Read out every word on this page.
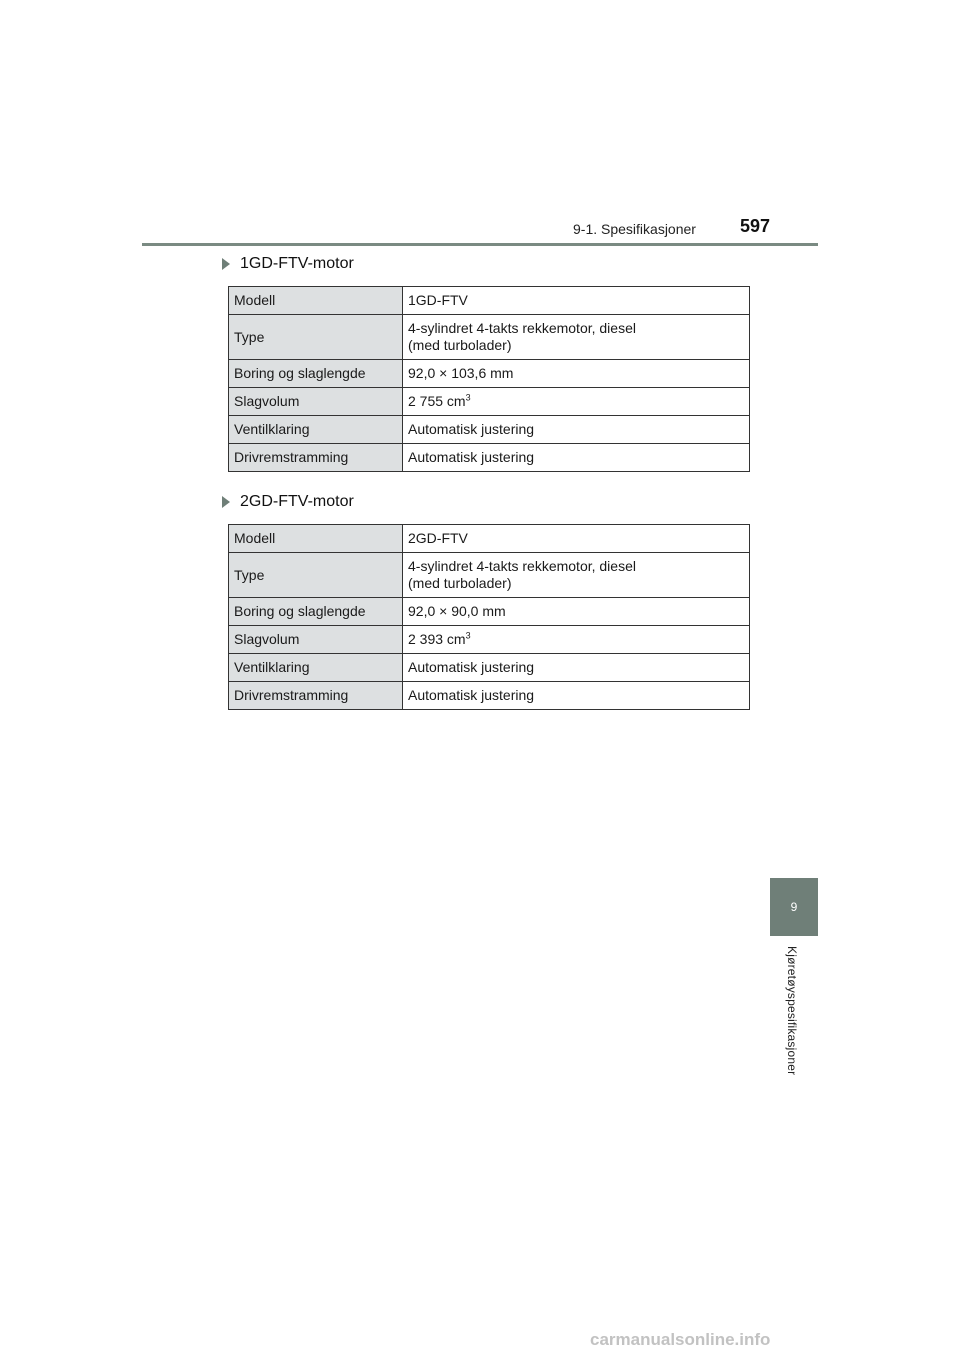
9-1. Spesifikasjoner 597
1GD-FTV-motor
Modell	1GD-FTV
Type	4-sylindret 4-takts rekkemotor, diesel
(med turbolader)

Boring og slaglengde	92,0 × 103,6 mm
Slagvolum	2 755 $cm^3$
Ventilklaring	Automatisk justering
Drivremstramming	Automatisk justering
2GD-FTV-motor
Modell	2GD-FTV
Type	4-sylindret 4-takts rekkemotor, diesel
(med turbolader)

Boring og slaglengde	92,0 × 90,0 mm
Slagvolum	2 393 $cm^3$
Ventilklaring	Automatisk justering
Drivremstramming	Automatisk justering
9
Kjøretøyspesifikasjoner
carmanualsonline.info
